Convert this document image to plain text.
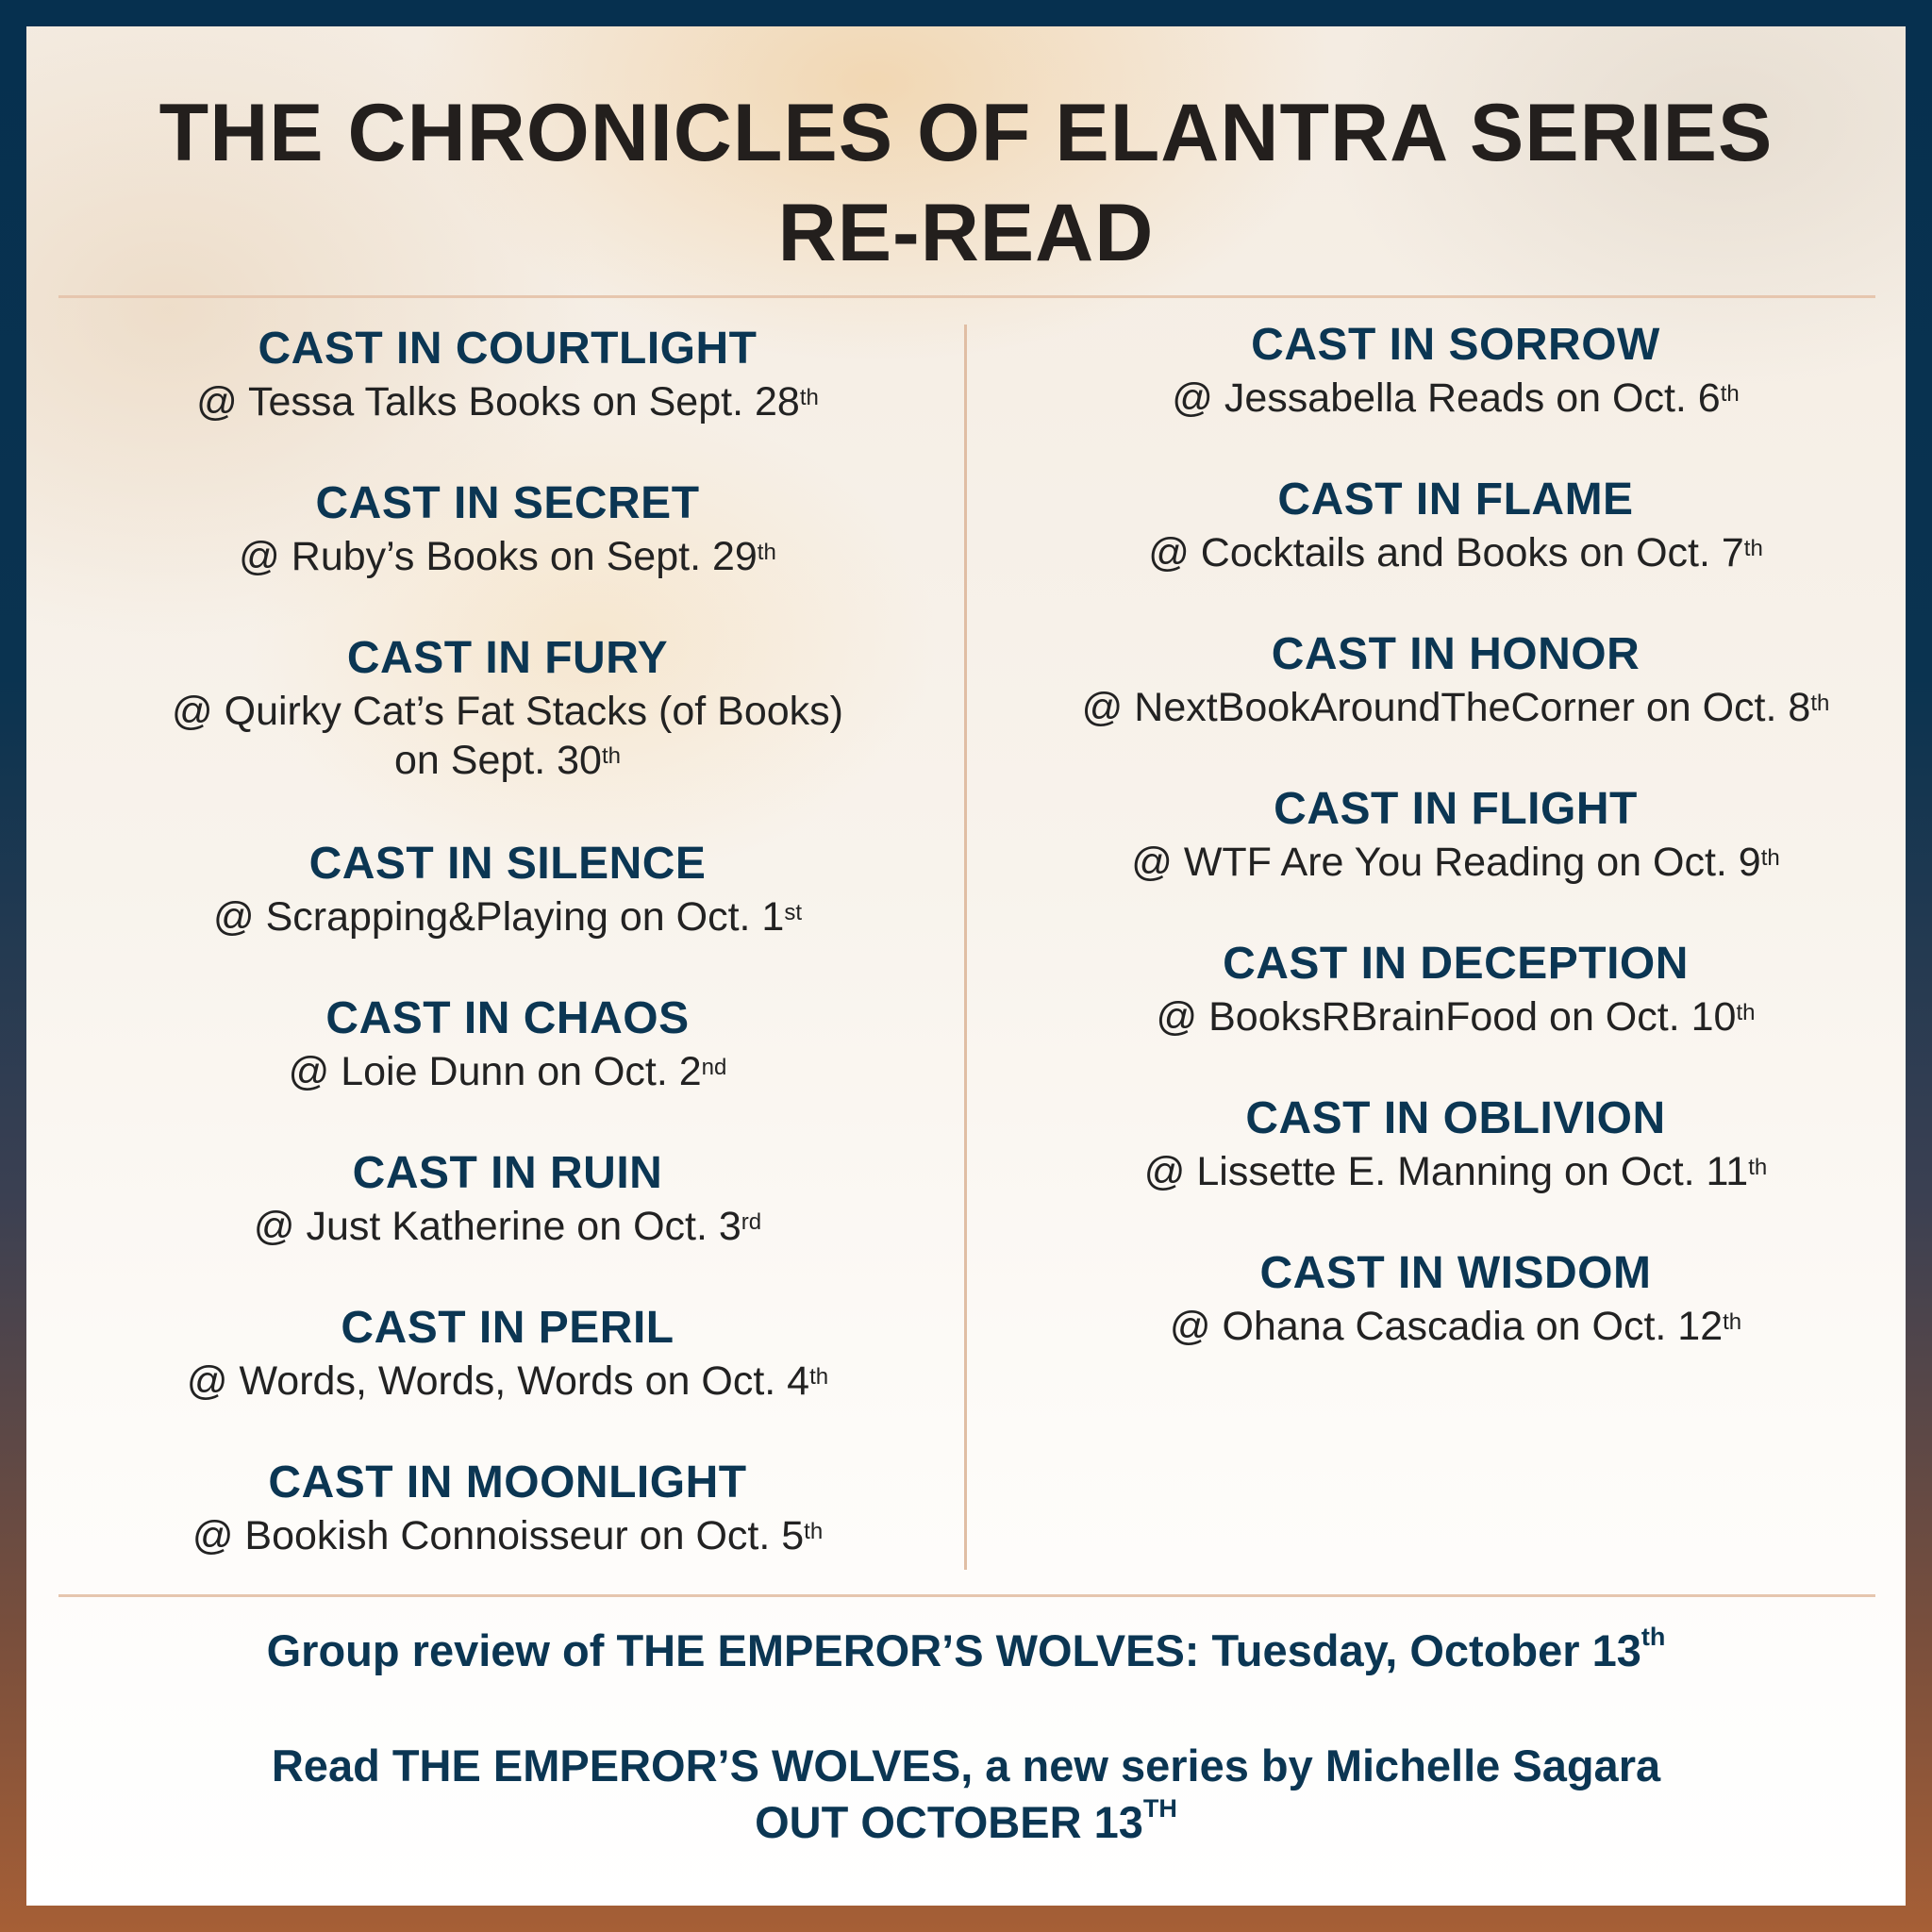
THE CHRONICLES OF ELANTRA SERIES
RE-READ
CAST IN COURTLIGHT
@ Tessa Talks Books on Sept. 28th
CAST IN SECRET
@ Ruby’s Books on Sept. 29th
CAST IN FURY
@ Quirky Cat’s Fat Stacks (of Books)
on Sept. 30th
CAST IN SILENCE
@ Scrapping&Playing on Oct. 1st
CAST IN CHAOS
@ Loie Dunn on Oct. 2nd
CAST IN RUIN
@ Just Katherine on Oct. 3rd
CAST IN PERIL
@ Words, Words, Words on Oct. 4th
CAST IN MOONLIGHT
@ Bookish Connoisseur on Oct. 5th
CAST IN SORROW
@ Jessabella Reads on Oct. 6th
CAST IN FLAME
@ Cocktails and Books on Oct. 7th
CAST IN HONOR
@ NextBookAroundTheCorner on Oct. 8th
CAST IN FLIGHT
@ WTF Are You Reading on Oct. 9th
CAST IN DECEPTION
@ BooksRBrainFood on Oct. 10th
CAST IN OBLIVION
@ Lissette E. Manning on Oct. 11th
CAST IN WISDOM
@ Ohana Cascadia on Oct. 12th
Group review of THE EMPEROR’S WOLVES: Tuesday, October 13th
Read THE EMPEROR’S WOLVES, a new series by Michelle Sagara
OUT OCTOBER 13TH
